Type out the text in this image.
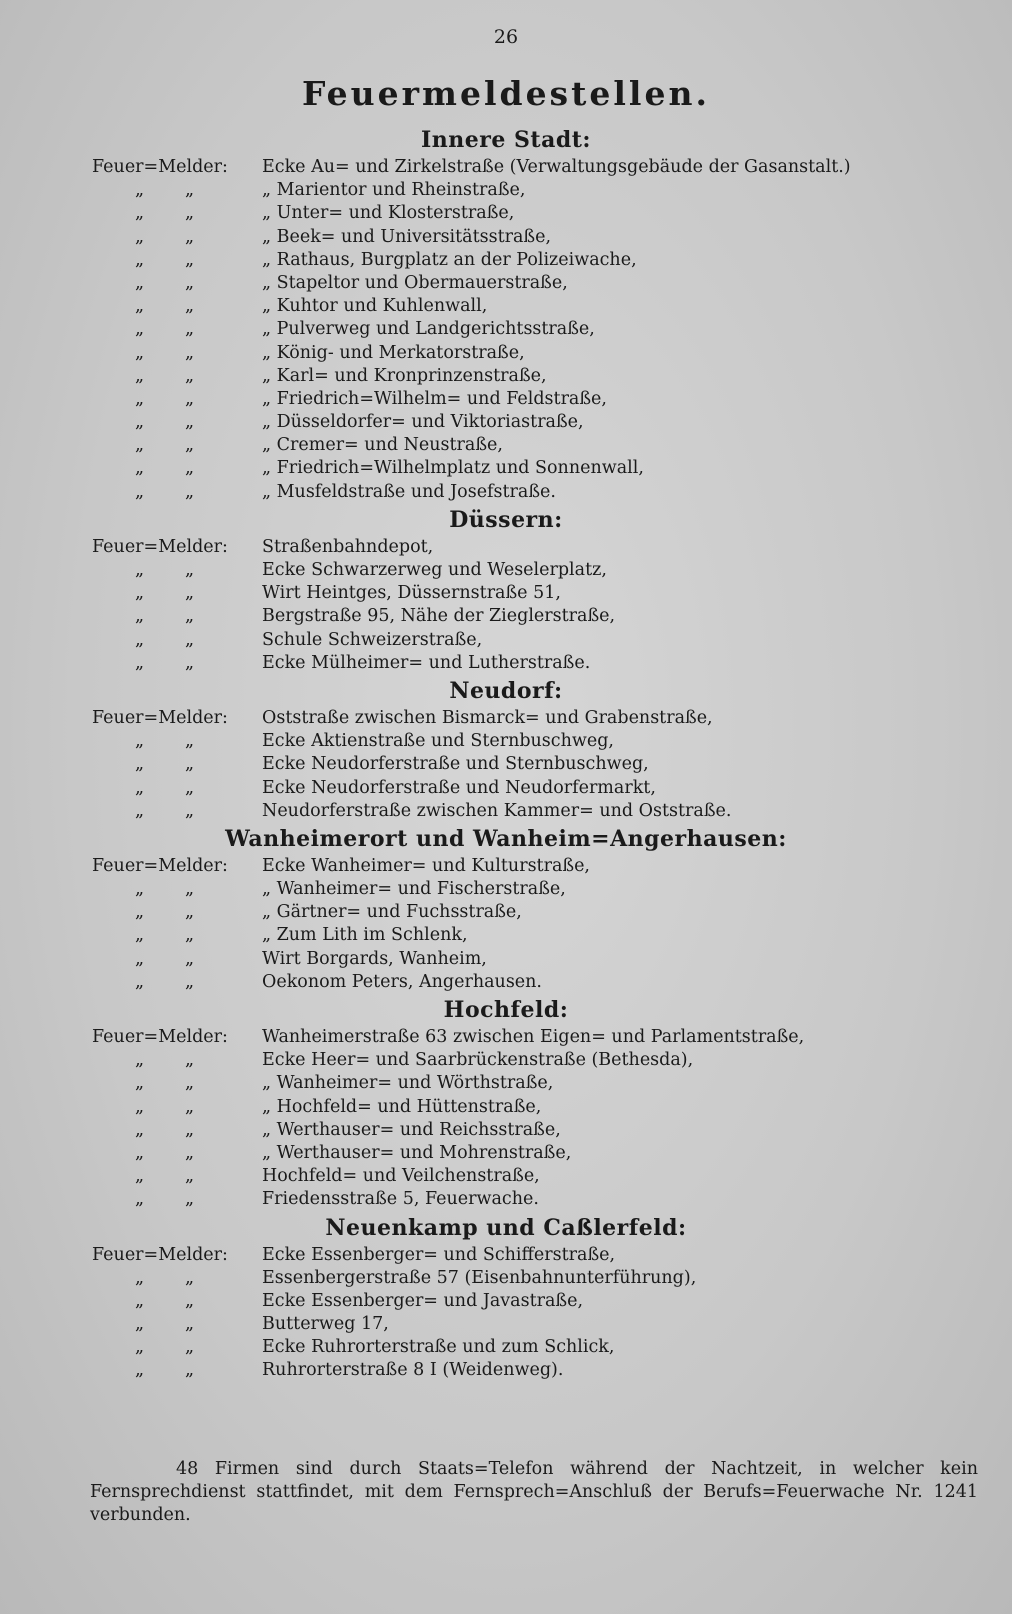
26
Feuermeldestellen.
Innere Stadt:
Feuer=Melder: Ecke Au= und Zirkelstraße (Verwaltungsgebäude der Gasanstalt.)
„ „	„ Marientor und Rheinstraße,
„ „	„ Unter= und Klosterstraße,
„ „	„ Beek= und Universitätsstraße,
„ „	„ Rathaus, Burgplatz an der Polizeiwache,
„ „	„ Stapeltor und Obermauerstraße,
„ „	„ Kuhtor und Kuhlenwall,
„ „	„ Pulverweg und Landgerichtsstraße,
„ „	„ König- und Merkatorstraße,
„ „	„ Karl= und Kronprinzenstraße,
„ „	„ Friedrich=Wilhelm= und Feldstraße,
„ „	„ Düsseldorfer= und Viktoriastraße,
„ „	„ Cremer= und Neustraße,
„ „	„ Friedrich=Wilhelmplatz und Sonnenwall,
„ „	„ Musfeldstraße und Josefstraße.
Düssern:
Feuer=Melder: Straßenbahndepot,
„ „	Ecke Schwarzerweg und Weselerplatz,
„ „	Wirt Heintges, Düssernstraße 51,
„ „	Bergstraße 95, Nähe der Zieglerstraße,
„ „	Schule Schweizerstraße,
„ „	Ecke Mülheimer= und Lutherstraße.
Neudorf:
Feuer=Melder: Oststraße zwischen Bismarck= und Grabenstraße,
„ „	Ecke Aktienstraße und Sternbuschweg,
„ „	Ecke Neudorferstraße und Sternbuschweg,
„ „	Ecke Neudorferstraße und Neudorfermarkt,
„ „	Neudorferstraße zwischen Kammer= und Oststraße.
Wanheimerort und Wanheim=Angerhausen:
Feuer=Melder: Ecke Wanheimer= und Kulturstraße,
„ „	„ Wanheimer= und Fischerstraße,
„ „	„ Gärtner= und Fuchsstraße,
„ „	„ Zum Lith im Schlenk,
„ „	Wirt Borgards, Wanheim,
„ „	Oekonom Peters, Angerhausen.
Hochfeld:
Feuer=Melder: Wanheimerstraße 63 zwischen Eigen= und Parlamentstraße,
„ „	Ecke Heer= und Saarbrückenstraße (Bethesda),
„ „	„ Wanheimer= und Wörthstraße,
„ „	„ Hochfeld= und Hüttenstraße,
„ „	„ Werthauser= und Reichsstraße,
„ „	„ Werthauser= und Mohrenstraße,
„ „	Hochfeld= und Veilchenstraße,
„ „	Friedensstraße 5, Feuerwache.
Neuenkamp und Caßlerfeld:
Feuer=Melder: Ecke Essenberger= und Schifferstraße,
„ „	Essenbergerstraße 57 (Eisenbahnunterführung),
„ „	Ecke Essenberger= und Javastraße,
„ „	Butterweg 17,
„ „	Ecke Ruhrorterstraße und zum Schlick,
„ „	Ruhrorterstraße 8 I (Weidenweg).
48 Firmen sind durch Staats=Telefon während der Nachtzeit, in welcher kein Fernsprechdienst stattfindet, mit dem Fernsprech=Anschluß der Berufs=Feuerwache Nr. 1241 verbunden.
